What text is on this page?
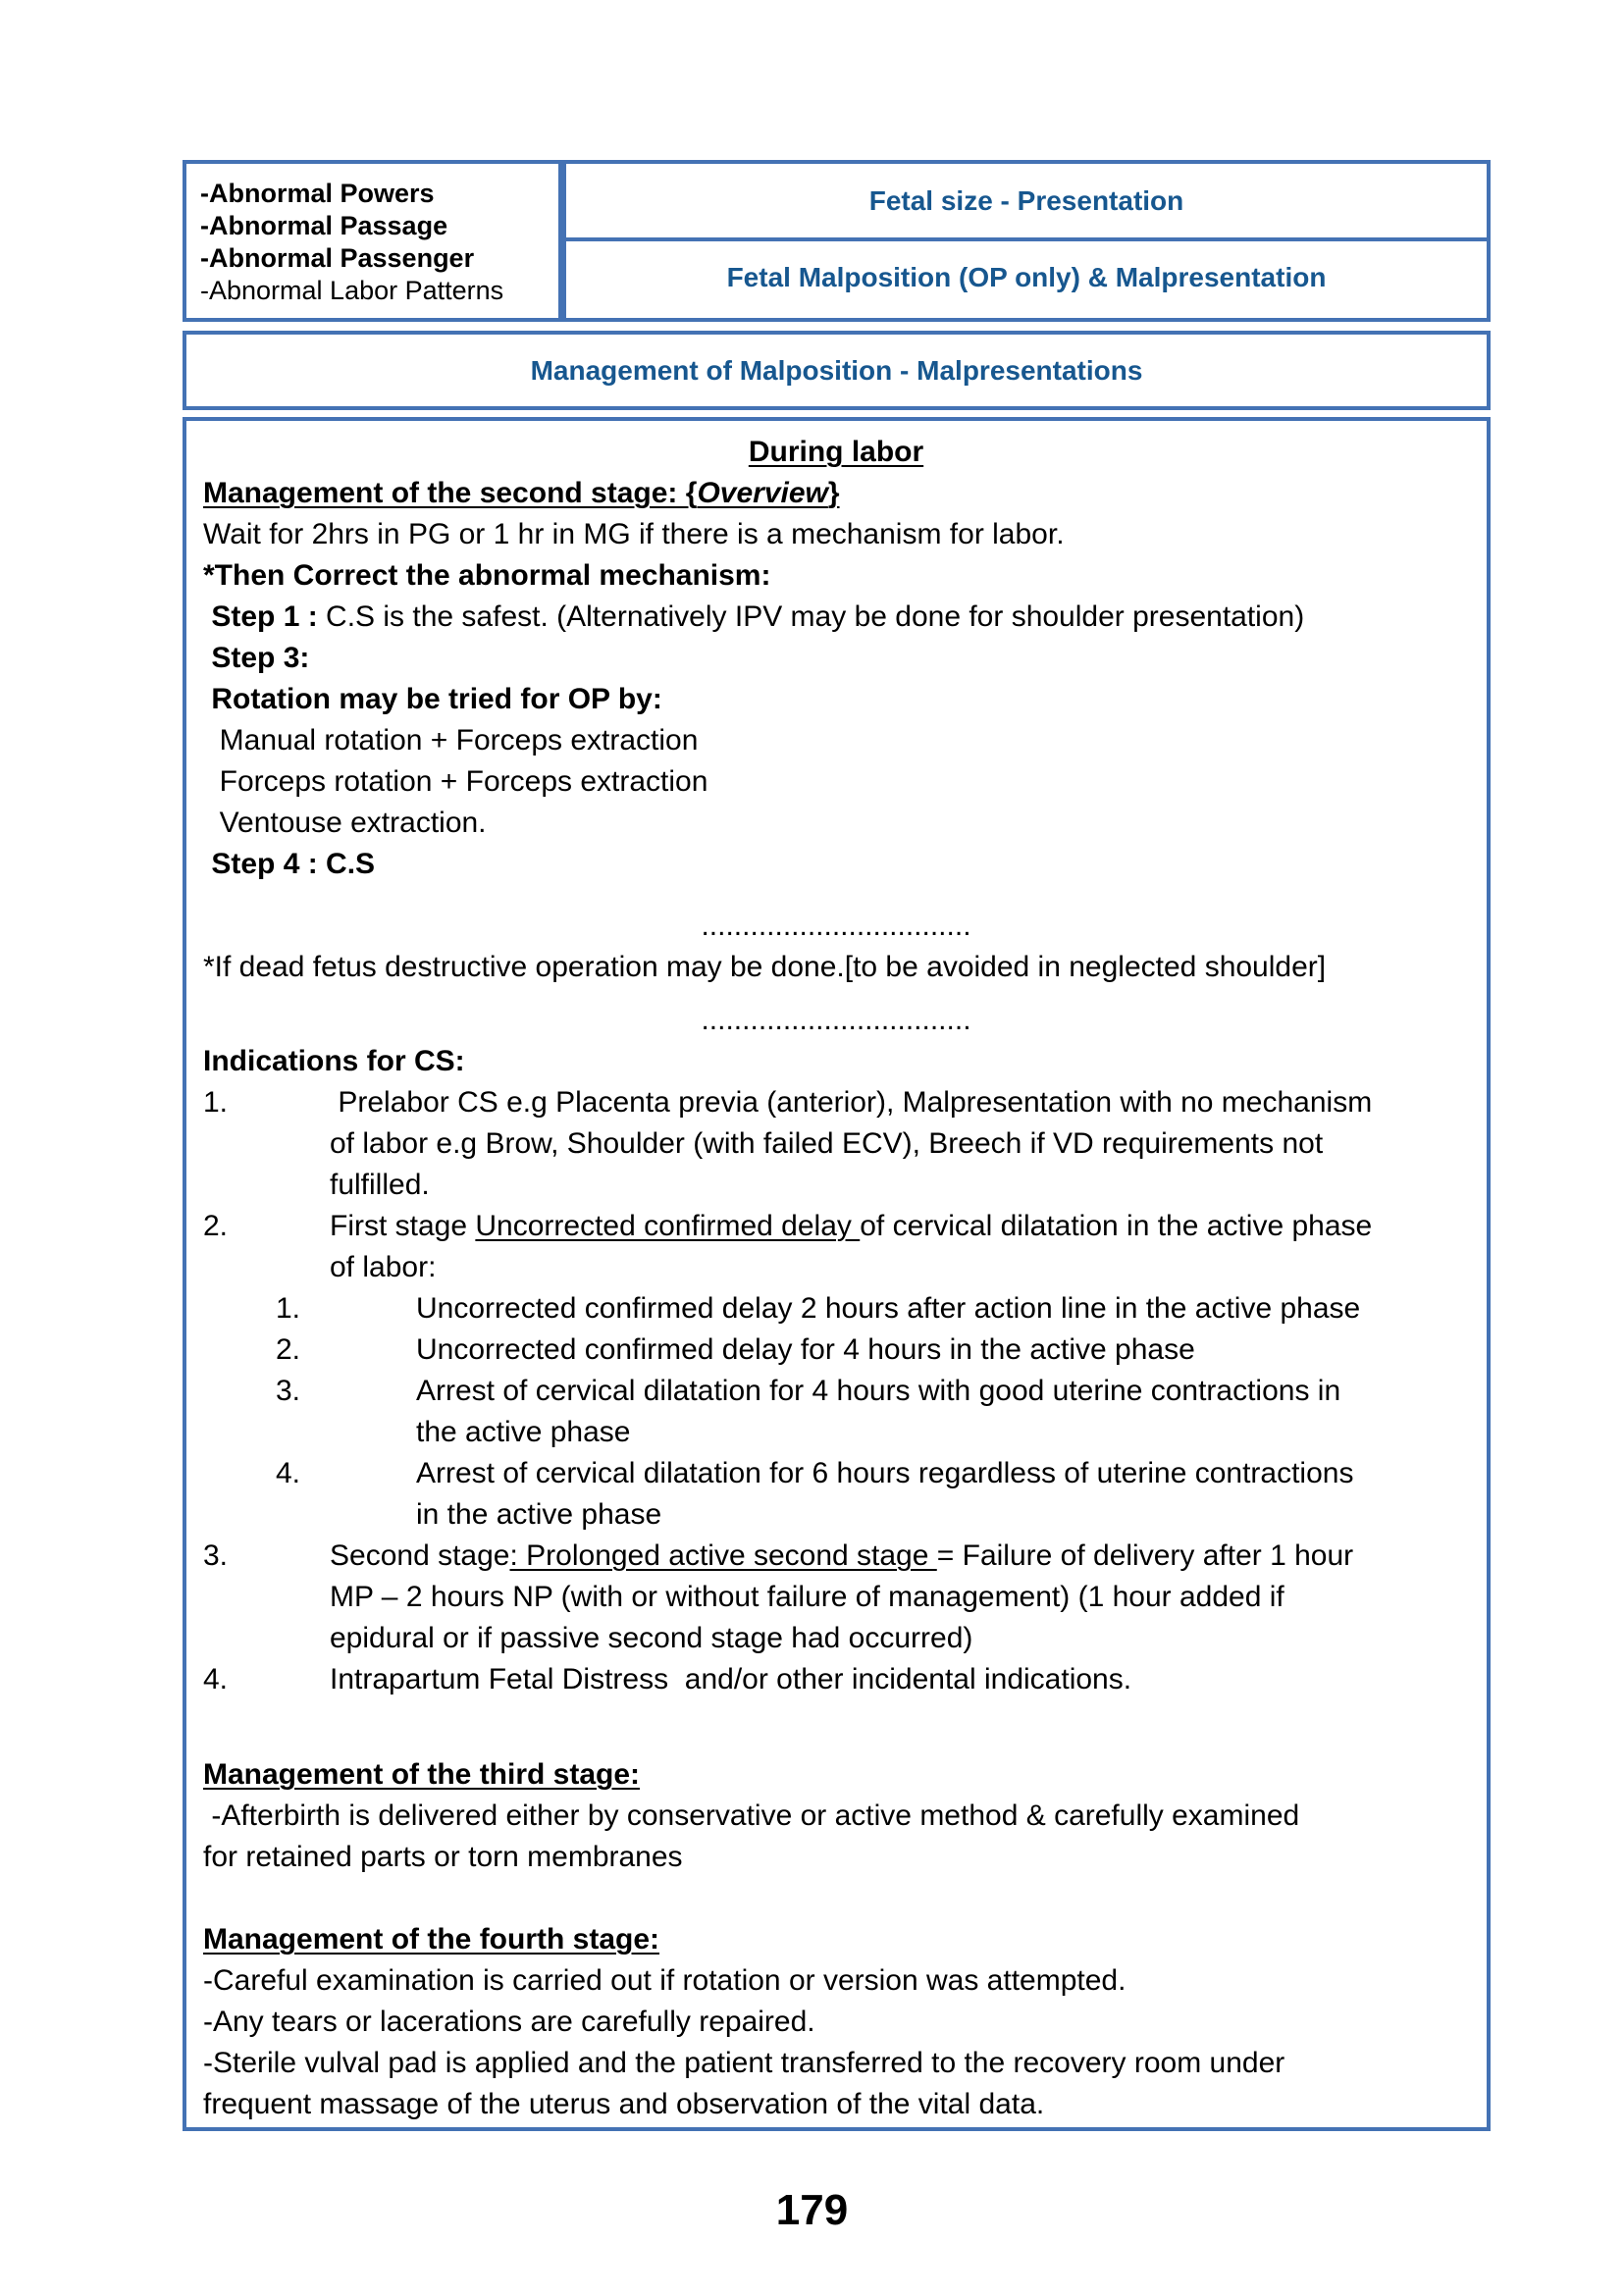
-Abnormal Powers
-Abnormal Passage
-Abnormal Passenger
-Abnormal Labor Patterns
Fetal size - Presentation
Fetal Malposition (OP only) & Malpresentation
Management of Malposition - Malpresentations
During labor
Management of the second stage: {Overview}
Wait for 2hrs in PG or 1 hr in MG if there is a mechanism for labor.
*Then Correct the abnormal mechanism:
Step 1 : C.S is the safest. (Alternatively IPV may be done for shoulder presentation)
Step 3:
Rotation may be tried for OP by:
Manual rotation + Forceps extraction
Forceps rotation + Forceps extraction
Ventouse extraction.
Step 4 : C.S
.................................
*If dead fetus destructive operation may be done.[to be avoided in neglected shoulder]
.................................
Indications for CS:
1.	Prelabor CS e.g Placenta previa (anterior), Malpresentation with no mechanism
of labor e.g Brow, Shoulder (with failed ECV), Breech if VD requirements not
fulfilled.
2.	First stage Uncorrected confirmed delay of cervical dilatation in the active phase
of labor:
1.	Uncorrected confirmed delay 2 hours after action line in the active phase
2.	Uncorrected confirmed delay for 4 hours in the active phase
3.	Arrest of cervical dilatation for 4 hours with good uterine contractions in
the active phase
4.	Arrest of cervical dilatation for 6 hours regardless of uterine contractions
in the active phase
3.	Second stage: Prolonged active second stage = Failure of delivery after 1 hour
MP – 2 hours NP (with or without failure of management) (1 hour added if
epidural or if passive second stage had occurred)
4.	Intrapartum Fetal Distress  and/or other incidental indications.
Management of the third stage:
-Afterbirth is delivered either by conservative or active method & carefully examined
for retained parts or torn membranes
Management of the fourth stage:
-Careful examination is carried out if rotation or version was attempted.
-Any tears or lacerations are carefully repaired.
-Sterile vulval pad is applied and the patient transferred to the recovery room under
frequent massage of the uterus and observation of the vital data.
179
